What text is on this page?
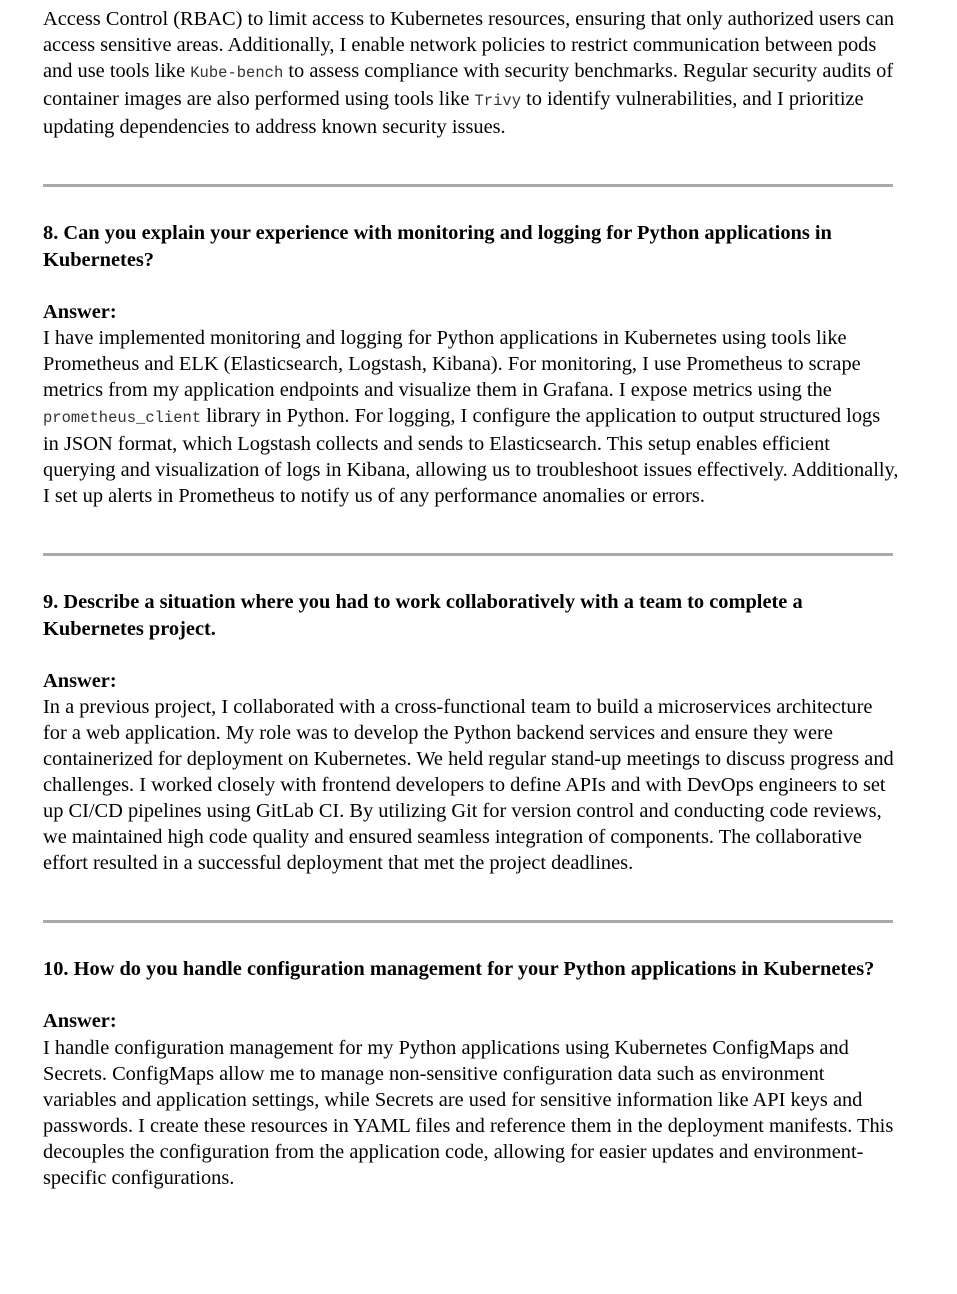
Access Control (RBAC) to limit access to Kubernetes resources, ensuring that only authorized users can access sensitive areas. Additionally, I enable network policies to restrict communication between pods and use tools like Kube-bench to assess compliance with security benchmarks. Regular security audits of container images are also performed using tools like Trivy to identify vulnerabilities, and I prioritize updating dependencies to address known security issues.

8. Can you explain your experience with monitoring and logging for Python applications in Kubernetes?

Answer:

I have implemented monitoring and logging for Python applications in Kubernetes using tools like Prometheus and ELK (Elasticsearch, Logstash, Kibana). For monitoring, I use Prometheus to scrape metrics from my application endpoints and visualize them in Grafana. I expose metrics using the prometheus_client library in Python. For logging, I configure the application to output structured logs in JSON format, which Logstash collects and sends to Elasticsearch. This setup enables efficient querying and visualization of logs in Kibana, allowing us to troubleshoot issues effectively. Additionally, I set up alerts in Prometheus to notify us of any performance anomalies or errors.

9. Describe a situation where you had to work collaboratively with a team to complete a Kubernetes project.

Answer:

In a previous project, I collaborated with a cross-functional team to build a microservices architecture for a web application. My role was to develop the Python backend services and ensure they were containerized for deployment on Kubernetes. We held regular stand-up meetings to discuss progress and challenges. I worked closely with frontend developers to define APIs and with DevOps engineers to set up CI/CD pipelines using GitLab CI. By utilizing Git for version control and conducting code reviews, we maintained high code quality and ensured seamless integration of components. The collaborative effort resulted in a successful deployment that met the project deadlines.

10. How do you handle configuration management for your Python applications in Kubernetes?

Answer:

I handle configuration management for my Python applications using Kubernetes ConfigMaps and Secrets. ConfigMaps allow me to manage non-sensitive configuration data such as environment variables and application settings, while Secrets are used for sensitive information like API keys and passwords. I create these resources in YAML files and reference them in the deployment manifests. This decouples the configuration from the application code, allowing for easier updates and environment-specific configurations.
